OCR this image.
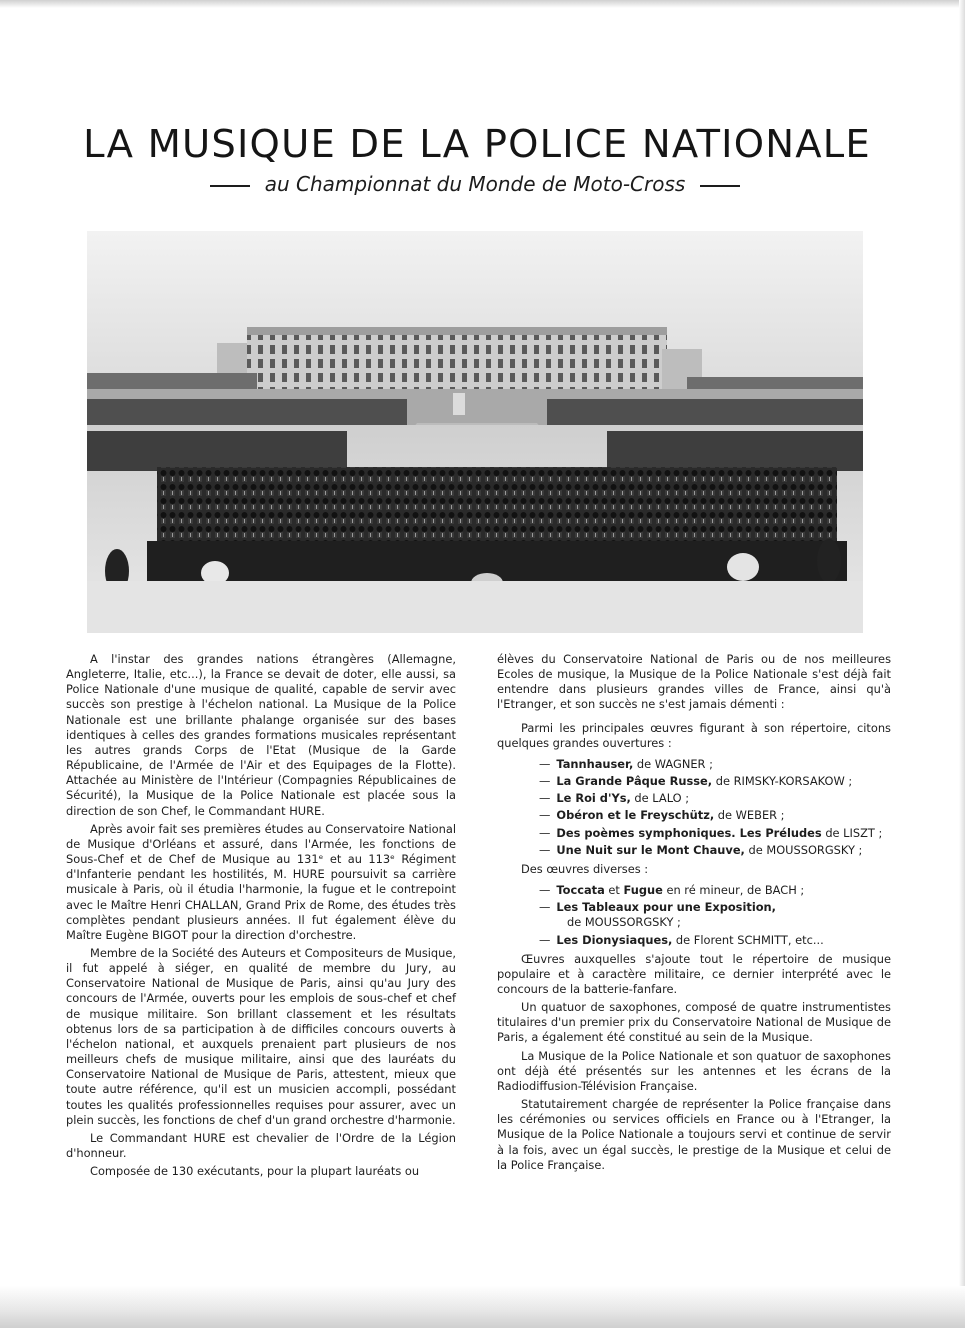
LA MUSIQUE DE LA POLICE NATIONALE
au Championnat du Monde de Moto-Cross

A l'instar des grandes nations étrangères (Allemagne, Angleterre, Italie, etc...), la France se devait de doter, elle aussi, sa Police Nationale d'une musique de qualité, capable de servir avec succès son prestige à l'échelon national. La Musique de la Police Nationale est une brillante phalange organisée sur des bases identiques à celles des grandes formations musicales représentant les autres grands Corps de l'Etat (Musique de la Garde Républicaine, de l'Armée de l'Air et des Equipages de la Flotte). Attachée au Ministère de l'Intérieur (Compagnies Républicaines de Sécurité), la Musique de la Police Nationale est placée sous la direction de son Chef, le Commandant HURE.

Après avoir fait ses premières études au Conservatoire National de Musique d'Orléans et assuré, dans l'Armée, les fonctions de Sous-Chef et de Chef de Musique au 131ᵉ et au 113ᵉ Régiment d'Infanterie pendant les hostilités, M. HURE poursuivit sa carrière musicale à Paris, où il étudia l'harmonie, la fugue et le contrepoint avec le Maître Henri CHALLAN, Grand Prix de Rome, des études très complètes pendant plusieurs années. Il fut également élève du Maître Eugène BIGOT pour la direction d'orchestre.

Membre de la Société des Auteurs et Compositeurs de Musique, il fut appelé à siéger, en qualité de membre du Jury, au Conservatoire National de Musique de Paris, ainsi qu'au Jury des concours de l'Armée, ouverts pour les emplois de sous-chef et chef de musique militaire. Son brillant classement et les résultats obtenus lors de sa participation à de difficiles concours ouverts à l'échelon national, et auxquels prenaient part plusieurs de nos meilleurs chefs de musique militaire, ainsi que des lauréats du Conservatoire National de Musique de Paris, attestent, mieux que toute autre référence, qu'il est un musicien accompli, possédant toutes les qualités professionnelles requises pour assurer, avec un plein succès, les fonctions de chef d'un grand orchestre d'harmonie.

Le Commandant HURE est chevalier de l'Ordre de la Légion d'honneur.

Composée de 130 exécutants, pour la plupart lauréats ou

élèves du Conservatoire National de Paris ou de nos meilleures Ecoles de musique, la Musique de la Police Nationale s'est déjà fait entendre dans plusieurs grandes villes de France, ainsi qu'à l'Etranger, et son succès ne s'est jamais démenti :

Parmi les principales œuvres figurant à son répertoire, citons quelques grandes ouvertures :

— Tannhauser, de WAGNER ;
— La Grande Pâque Russe, de RIMSKY-KORSAKOW ;
— Le Roi d'Ys, de LALO ;
— Obéron et le Freyschütz, de WEBER ;
— Des poèmes symphoniques. Les Préludes de LISZT ;
— Une Nuit sur le Mont Chauve, de MOUSSORGSKY ;
Des œuvres diverses :
— Toccata et Fugue en ré mineur, de BACH ;
— Les Tableaux pour une Exposition,
de MOUSSORGSKY ;
— Les Dionysiaques, de Florent SCHMITT, etc...

Œuvres auxquelles s'ajoute tout le répertoire de musique populaire et à caractère militaire, ce dernier interprété avec le concours de la batterie-fanfare.

Un quatuor de saxophones, composé de quatre instrumentistes titulaires d'un premier prix du Conservatoire National de Musique de Paris, a également été constitué au sein de la Musique.

La Musique de la Police Nationale et son quatuor de saxophones ont déjà été présentés sur les antennes et les écrans de la Radiodiffusion-Télévision Française.

Statutairement chargée de représenter la Police française dans les cérémonies ou services officiels en France ou à l'Etranger, la Musique de la Police Nationale a toujours servi et continue de servir à la fois, avec un égal succès, le prestige de la Musique et celui de la Police Française.
